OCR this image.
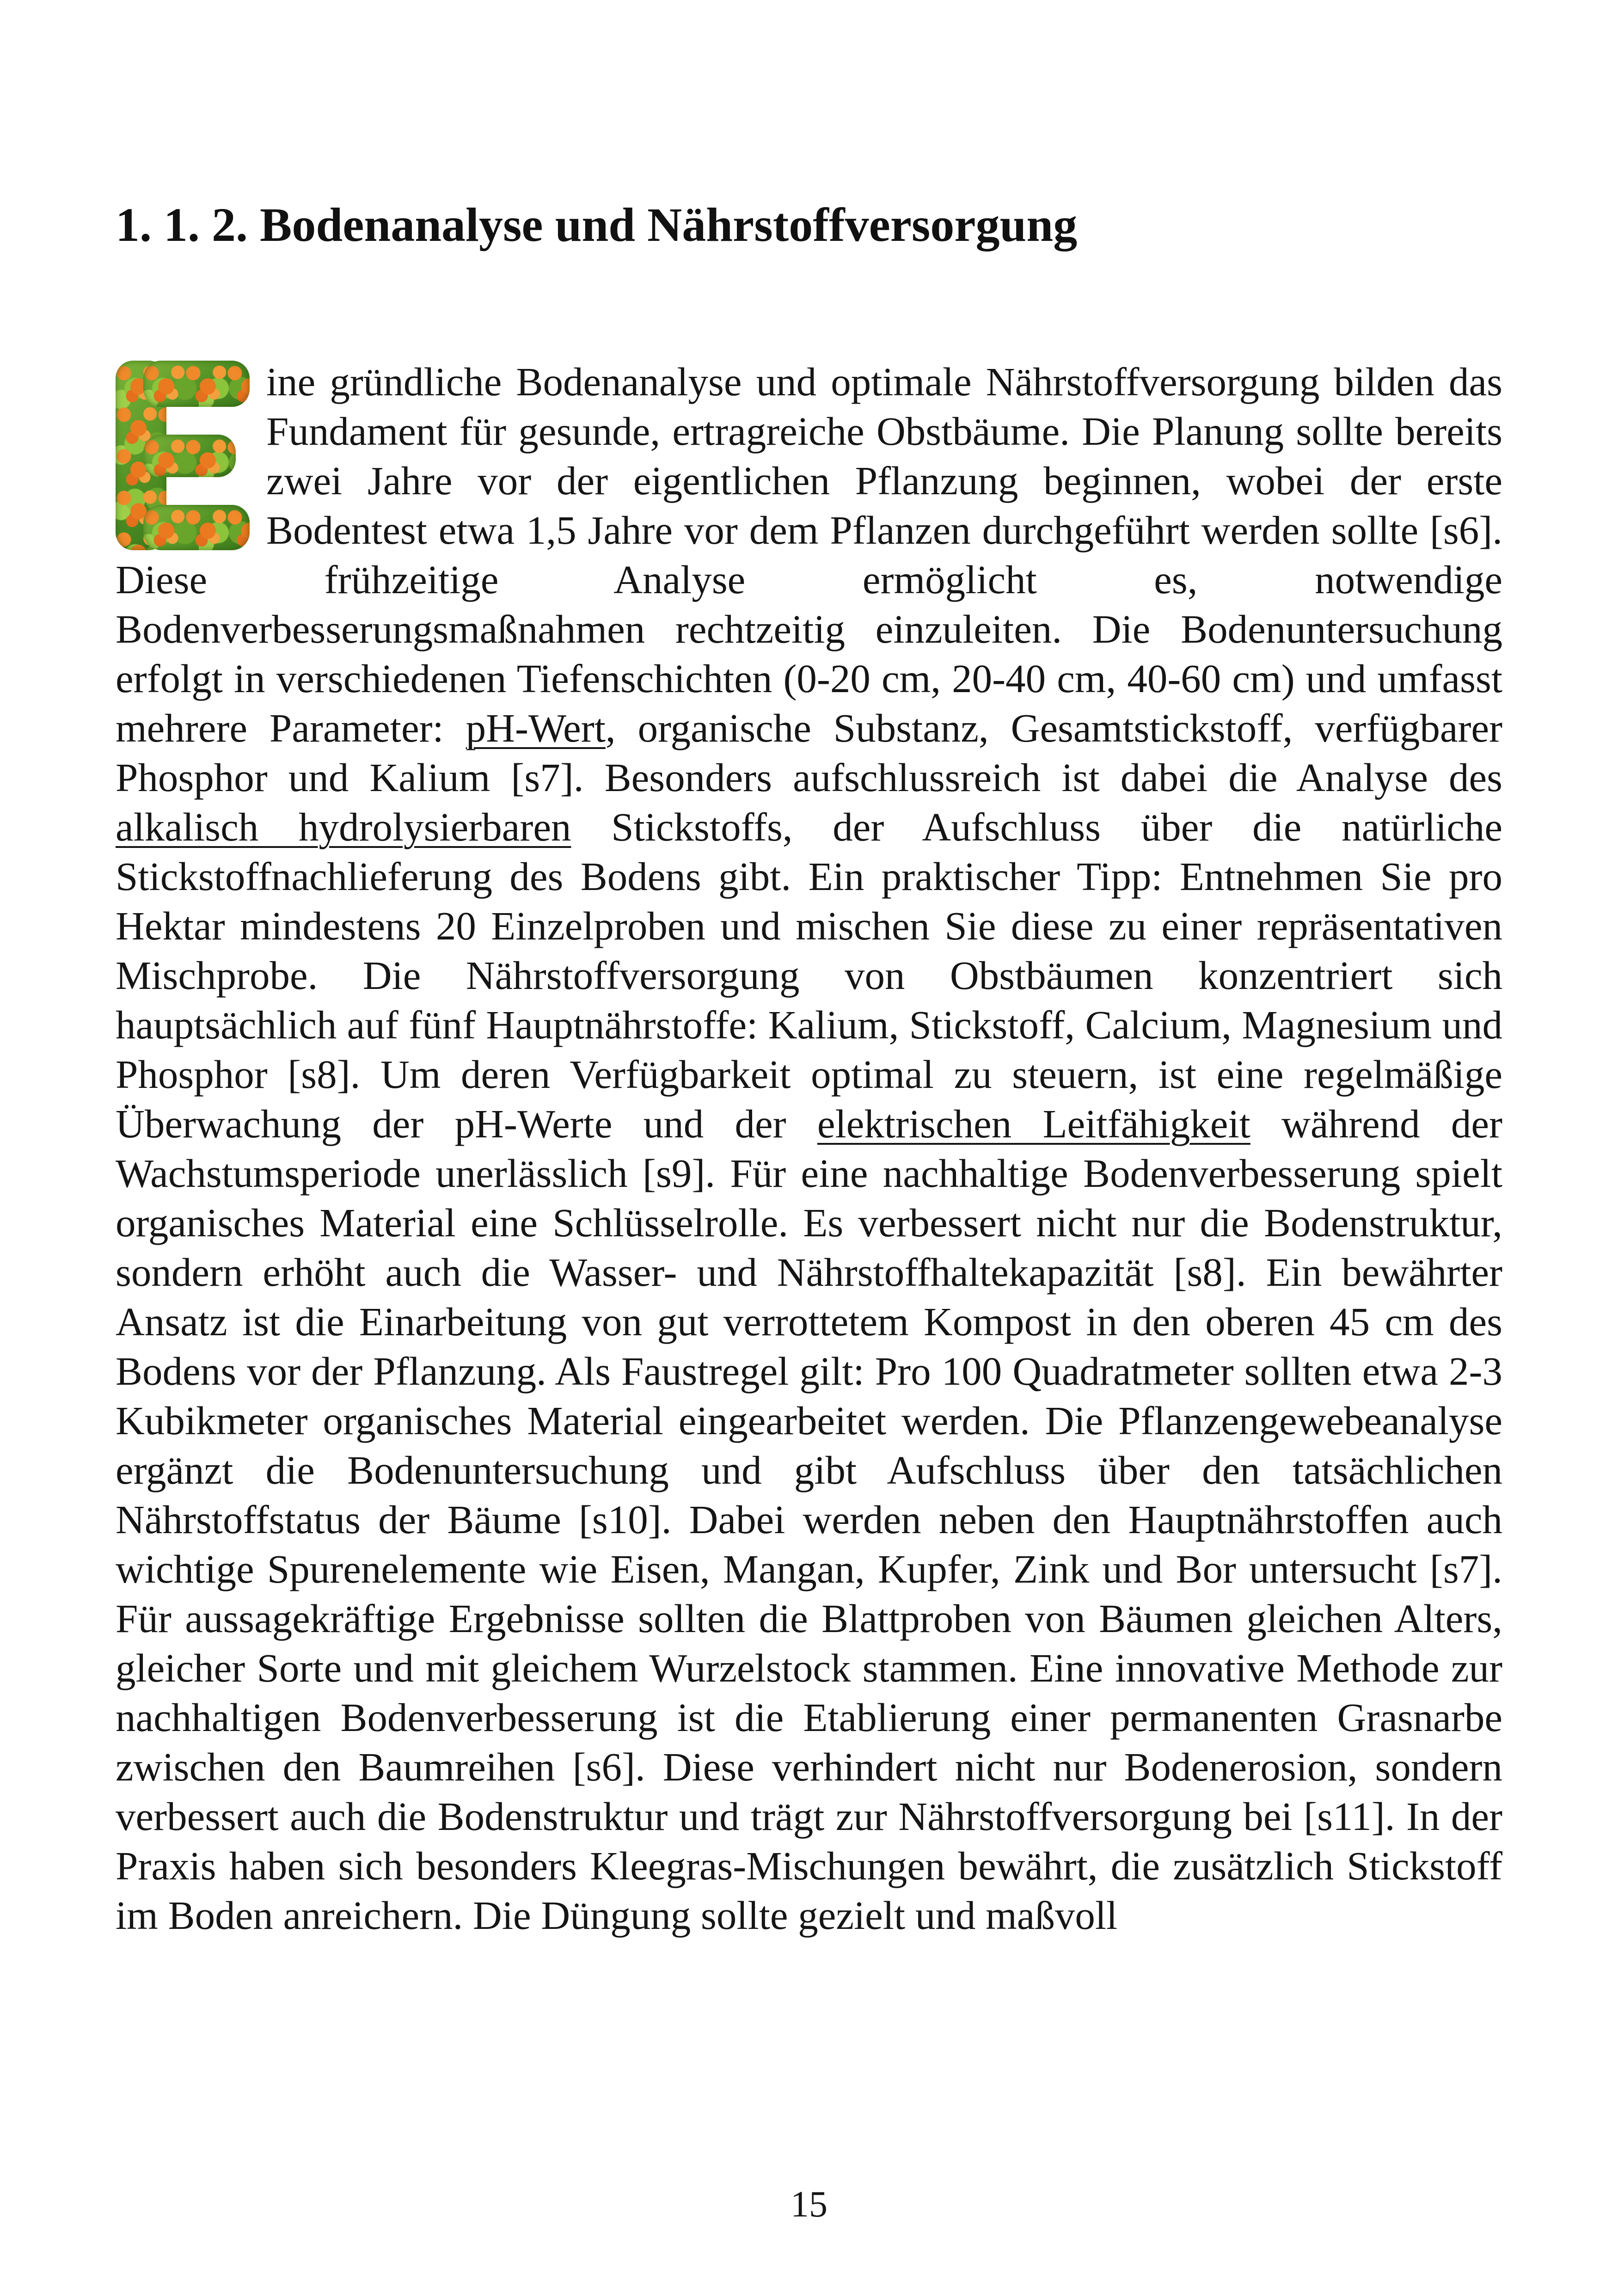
1. 1. 2. Bodenanalyse und Nährstoffversorgung

ine gründliche Bodenanalyse und optimale Nährstoffversorgung bilden das Fundament für gesunde, ertragreiche Obstbäume. Die Planung sollte bereits zwei Jahre vor der eigentlichen Pflanzung beginnen, wobei der erste Bodentest etwa 1,5 Jahre vor dem Pflanzen durchgeführt werden sollte [s6]. Diese frühzeitige Analyse ermöglicht es, notwendige Bodenverbesserungsmaßnahmen rechtzeitig einzuleiten. Die Bodenuntersuchung erfolgt in verschiedenen Tiefenschichten (0-20 cm, 20-40 cm, 40-60 cm) und umfasst mehrere Parameter: pH-Wert, organische Substanz, Gesamtstickstoff, verfügbarer Phosphor und Kalium [s7]. Besonders aufschlussreich ist dabei die Analyse des alkalisch hydrolysierbaren Stickstoffs, der Aufschluss über die natürliche Stickstoffnachlieferung des Bodens gibt. Ein praktischer Tipp: Entnehmen Sie pro Hektar mindestens 20 Einzelproben und mischen Sie diese zu einer repräsentativen Mischprobe. Die Nährstoffversorgung von Obstbäumen konzentriert sich hauptsächlich auf fünf Hauptnährstoffe: Kalium, Stickstoff, Calcium, Magnesium und Phosphor [s8]. Um deren Verfügbarkeit optimal zu steuern, ist eine regelmäßige Überwachung der pH-Werte und der elektrischen Leitfähigkeit während der Wachstumsperiode unerlässlich [s9]. Für eine nachhaltige Bodenverbesserung spielt organisches Material eine Schlüsselrolle. Es verbessert nicht nur die Bodenstruktur, sondern erhöht auch die Wasser- und Nährstoffhaltekapazität [s8]. Ein bewährter Ansatz ist die Einarbeitung von gut verrottetem Kompost in den oberen 45 cm des Bodens vor der Pflanzung. Als Faustregel gilt: Pro 100 Quadratmeter sollten etwa 2-3 Kubikmeter organisches Material eingearbeitet werden. Die Pflanzengewebeanalyse ergänzt die Bodenuntersuchung und gibt Aufschluss über den tatsächlichen Nährstoffstatus der Bäume [s10]. Dabei werden neben den Hauptnährstoffen auch wichtige Spurenelemente wie Eisen, Mangan, Kupfer, Zink und Bor untersucht [s7]. Für aussagekräftige Ergebnisse sollten die Blattproben von Bäumen gleichen Alters, gleicher Sorte und mit gleichem Wurzelstock stammen. Eine innovative Methode zur nachhaltigen Bodenverbesserung ist die Etablierung einer permanenten Grasnarbe zwischen den Baumreihen [s6]. Diese verhindert nicht nur Bodenerosion, sondern verbessert auch die Bodenstruktur und trägt zur Nährstoffversorgung bei [s11]. In der Praxis haben sich besonders Kleegras-Mischungen bewährt, die zusätzlich Stickstoff im Boden anreichern. Die Düngung sollte gezielt und maßvoll

15
